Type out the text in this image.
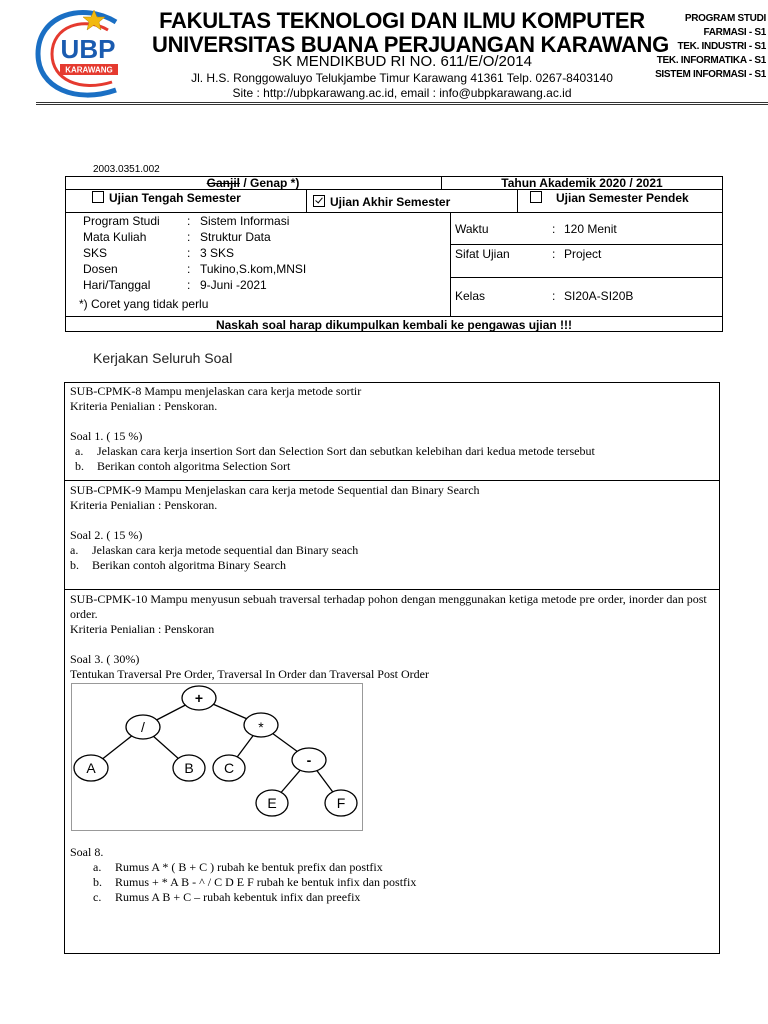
UBP
KARAWANG
FAKULTAS TEKNOLOGI DAN ILMU KOMPUTER
UNIVERSITAS BUANA PERJUANGAN KARAWANG
SK MENDIKBUD RI NO. 611/E/O/2014
Jl. H.S. Ronggowaluyo Telukjambe Timur Karawang 41361 Telp. 0267-8403140
Site : http://ubpkarawang.ac.id, email : info@ubpkarawang.ac.id
PROGRAM STUDI
FARMASI - S1
TEK. INDUSTRI - S1
TEK. INFORMATIKA - S1
SISTEM INFORMASI - S1
2003.0351.002
Ganjil / Genap *)	Tahun Akademik 2020 / 2021
Ujian Tengah Semester	Ujian Akhir Semester	Ujian Semester Pendek
Program Studi : Sistem Informasi
Mata Kuliah	: Struktur Data
SKS	: 3 SKS
Dosen	: Tukino,S.kom,MNSI
Hari/Tanggal	: 9-Juni -2021
*) Coret yang tidak perlu
Waktu	: 120 Menit
Sifat Ujian	: Project
Kelas	: SI20A-SI20B
Naskah soal harap dikumpulkan kembali ke pengawas ujian !!!
Kerjakan Seluruh Soal
SUB-CPMK-8 Mampu menjelaskan cara kerja metode sortir
Kriteria Penialian : Penskoran.
Soal 1. ( 15 %)
a. Jelaskan cara kerja insertion Sort dan Selection Sort dan sebutkan kelebihan dari kedua metode tersebut
b. Berikan contoh algoritma Selection Sort
SUB-CPMK-9 Mampu Menjelaskan cara kerja metode Sequential dan Binary Search
Kriteria Penialian : Penskoran.
Soal 2. ( 15 %)
a. Jelaskan cara kerja metode sequential dan Binary seach
b. Berikan contoh algoritma Binary Search
SUB-CPMK-10 Mampu menyusun sebuah traversal terhadap pohon dengan menggunakan ketiga metode pre order, inorder dan post order.
Kriteria Penialian : Penskoran
Soal 3. ( 30%)
Tentukan Traversal Pre Order, Traversal In Order dan Traversal Post Order
+
/	*
A	B C	-
E	F
Soal 8.
a. Rumus A * ( B + C ) rubah ke bentuk prefix dan postfix
b. Rumus + * A B - ^ / C D E F rubah ke bentuk infix dan postfix
c. Rumus A B + C – rubah kebentuk infix dan preefix
